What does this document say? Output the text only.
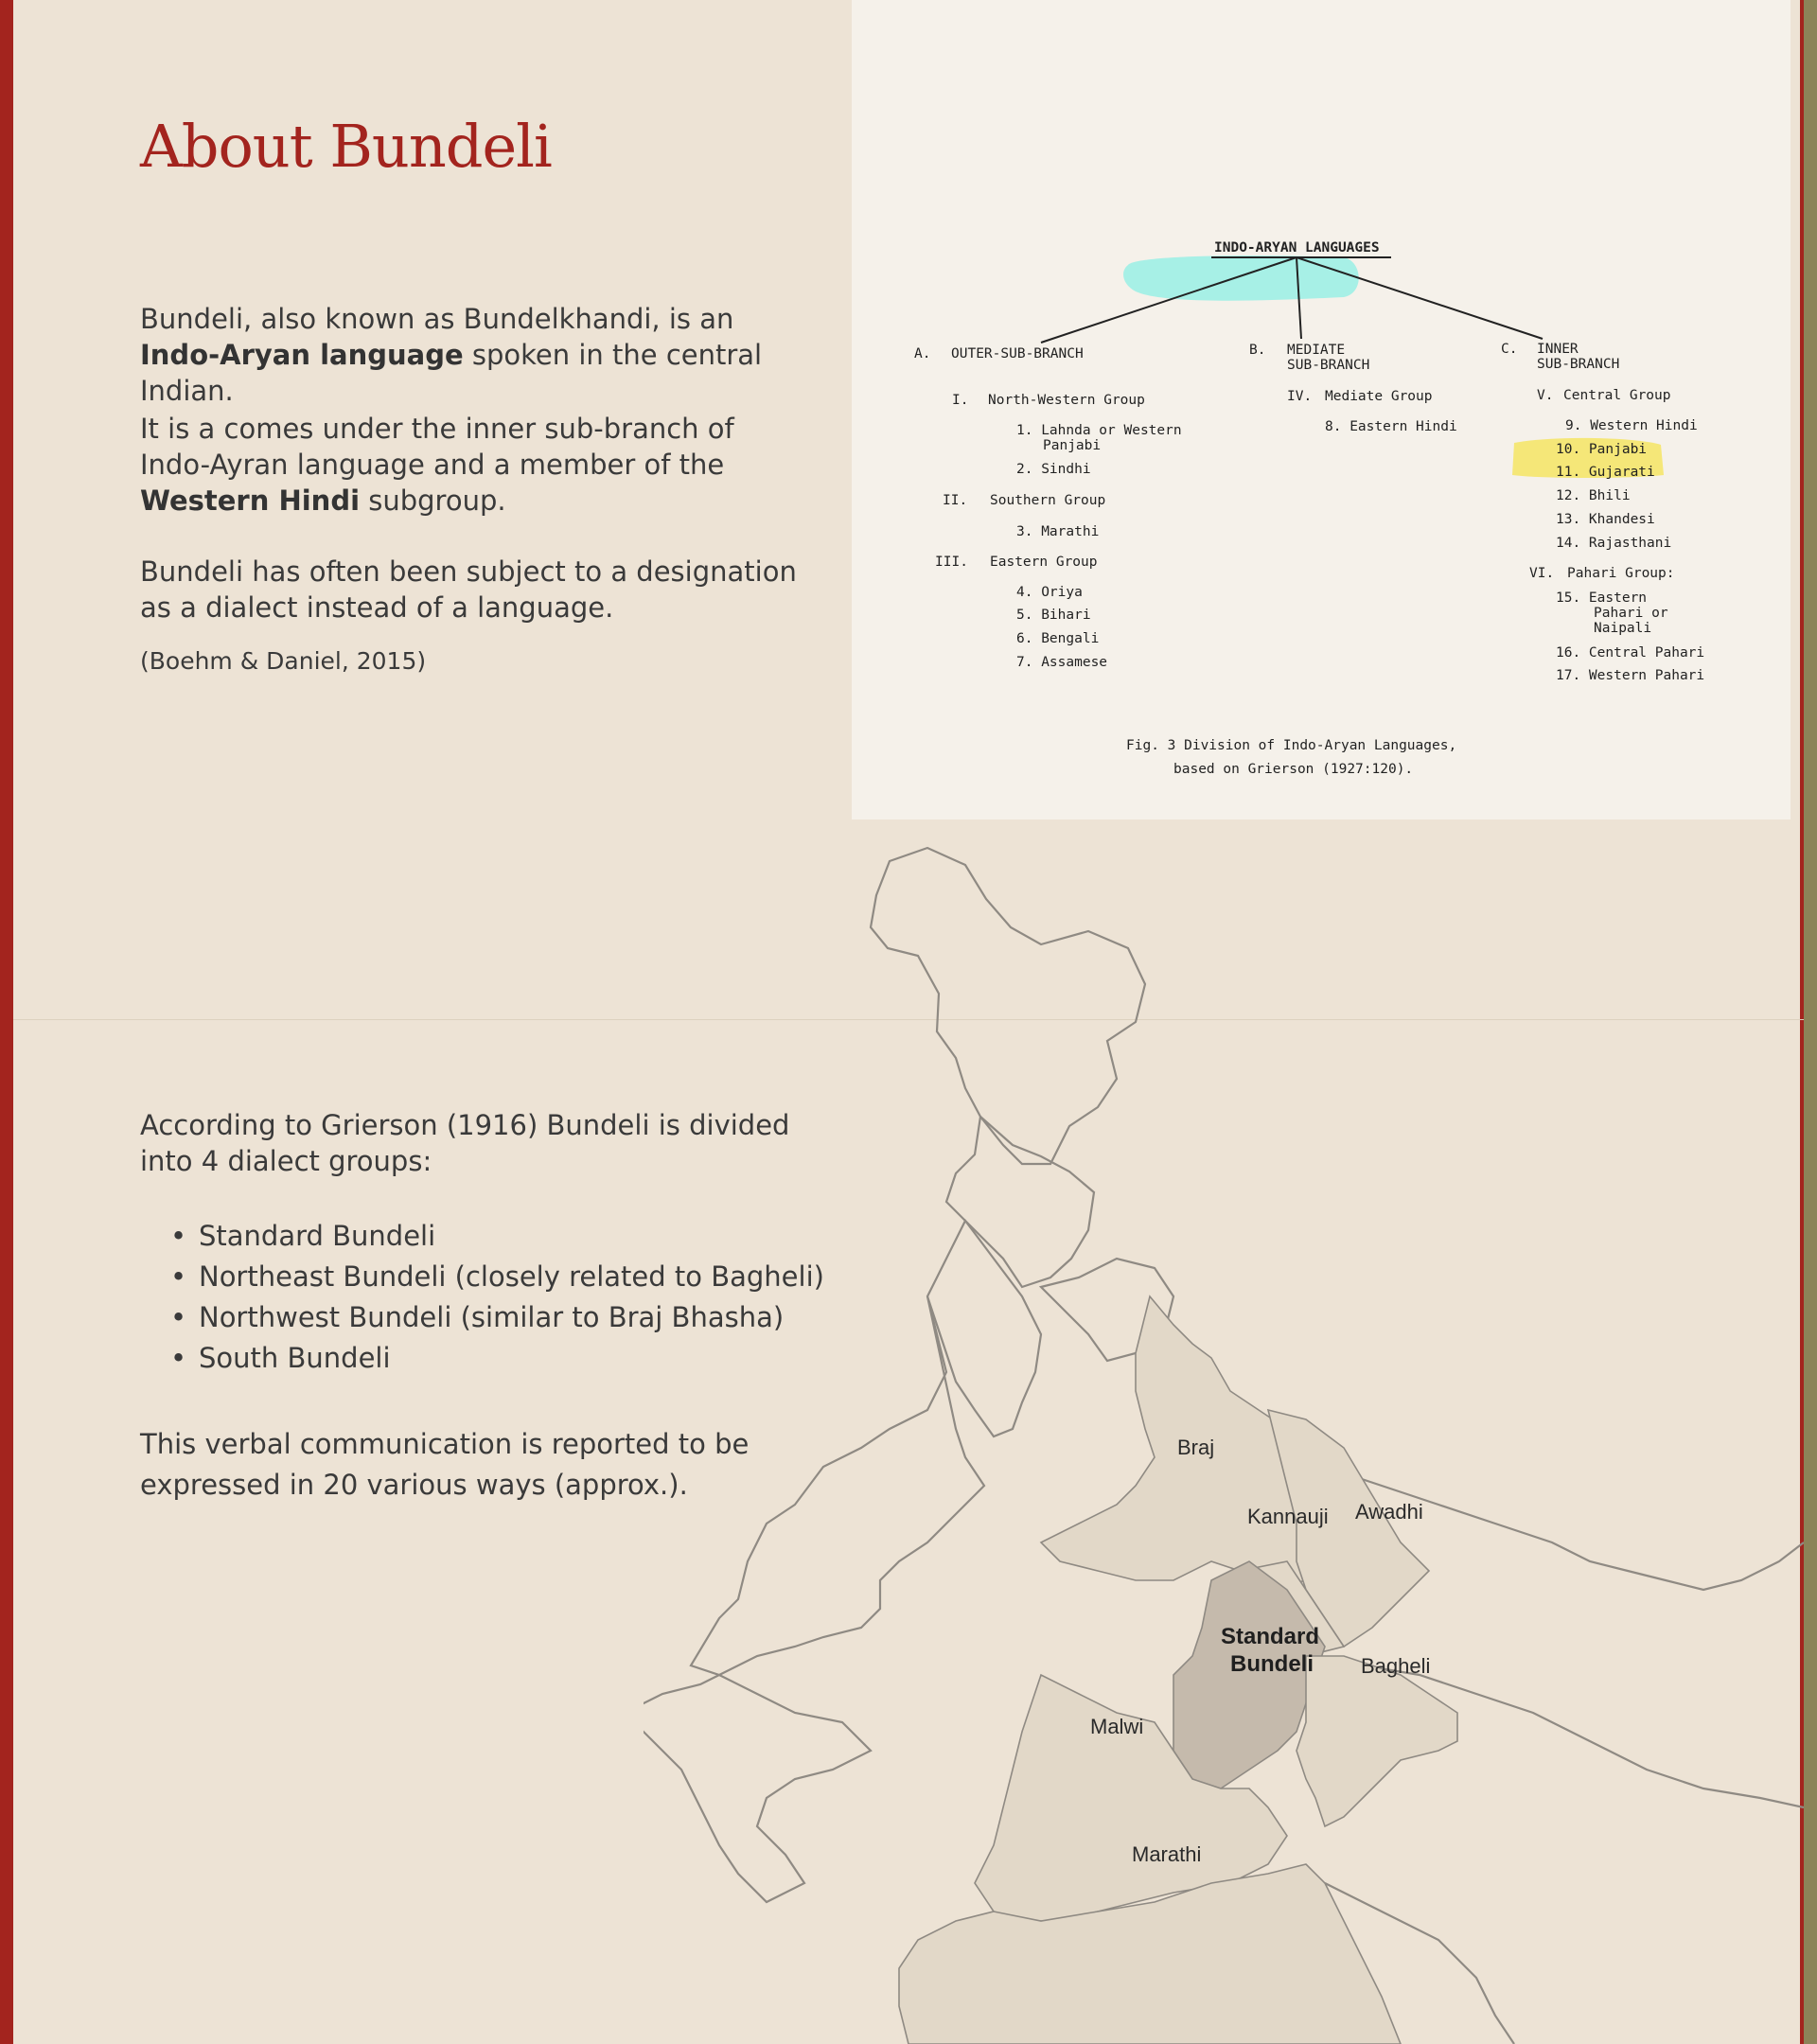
About Bundeli
Bundeli, also known as Bundelkhandi, is an Indo-Aryan language spoken in the central Indian.
It is a comes under the inner sub-branch of Indo-Ayran language and a member of the Western Hindi subgroup.
Bundeli has often been subject to a designation as a dialect instead of a language.
(Boehm & Daniel, 2015)
INDO-ARYAN LANGUAGES
A. OUTER-SUB-BRANCH	B. MEDIATE
SUB-BRANCH
C. INNER
SUB-BRANCH
I. North-Western Group
1. Lahnda or Western
Panjabi
2. Sindhi
II. Southern Group
3. Marathi
III. Eastern Group
4. Oriya
5. Bihari
6. Bengali
7. Assamese
IV. Mediate Group
8. Eastern Hindi
V. Central Group
9. Western Hindi
10. Panjabi
11. Gujarati
12. Bhili
13. Khandesi
14. Rajasthani
VI. Pahari Group:
15. Eastern
Pahari or
Naipali
16. Central Pahari
17. Western Pahari
Fig. 3 Division of Indo-Aryan Languages,
based on Grierson (1927:120).
According to Grierson (1916) Bundeli is divided into 4 dialect groups:
• Standard Bundeli
• Northeast Bundeli (closely related to Bagheli)
• Northwest Bundeli (similar to Braj Bhasha)
• South Bundeli
This verbal communication is reported to be expressed in 20 various ways (approx.).
Braj
Kannauji Awadhi
Standard
Bundeli Bagheli
Malwi
Marathi
